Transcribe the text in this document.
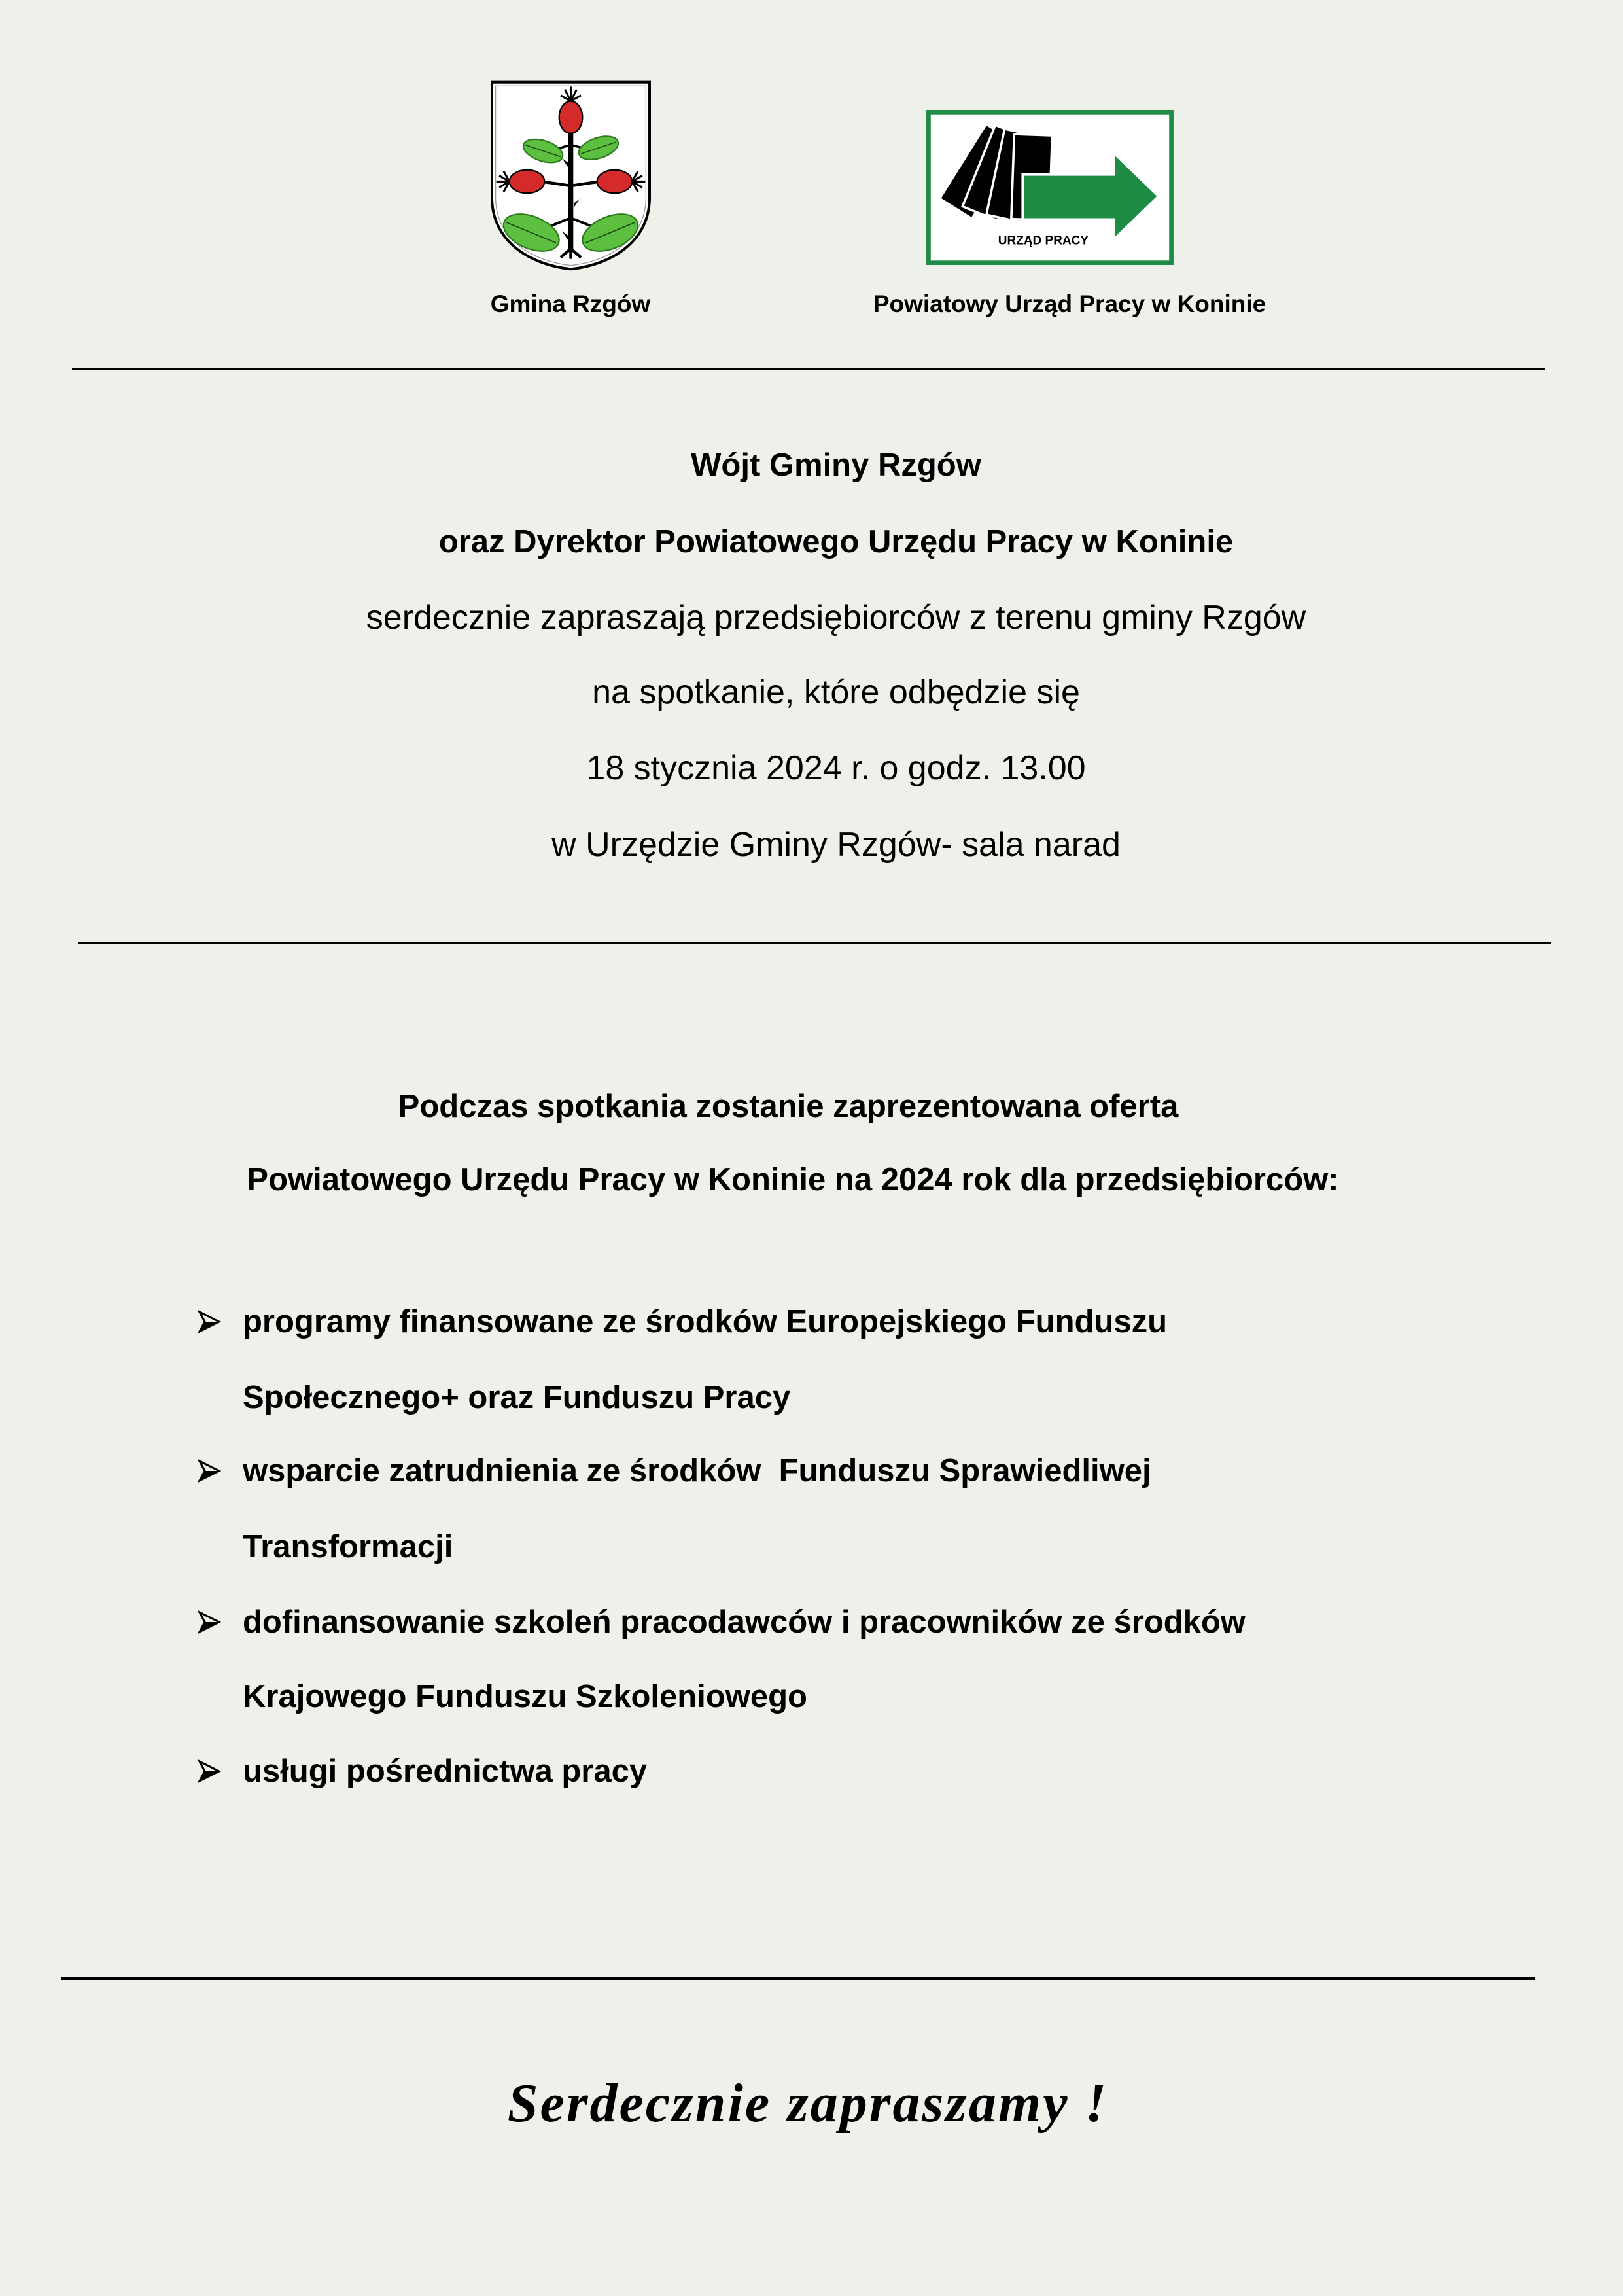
URZĄD PRACY
Gmina Rzgów	Powiatowy Urząd Pracy w Koninie
Wójt Gminy Rzgów
oraz Dyrektor Powiatowego Urzędu Pracy w Koninie
serdecznie zapraszają przedsiębiorców z terenu gminy Rzgów
na spotkanie, które odbędzie się
18 stycznia 2024 r. o godz. 13.00
w Urzędzie Gminy Rzgów- sala narad
Podczas spotkania zostanie zaprezentowana oferta
Powiatowego Urzędu Pracy w Koninie na 2024 rok dla przedsiębiorców:
programy finansowane ze środków Europejskiego Funduszu
Społecznego+ oraz Funduszu Pracy
wsparcie zatrudnienia ze środków  Funduszu Sprawiedliwej
Transformacji
dofinansowanie szkoleń pracodawców i pracowników ze środków
Krajowego Funduszu Szkoleniowego
usługi pośrednictwa pracy
Serdecznie zapraszamy !
